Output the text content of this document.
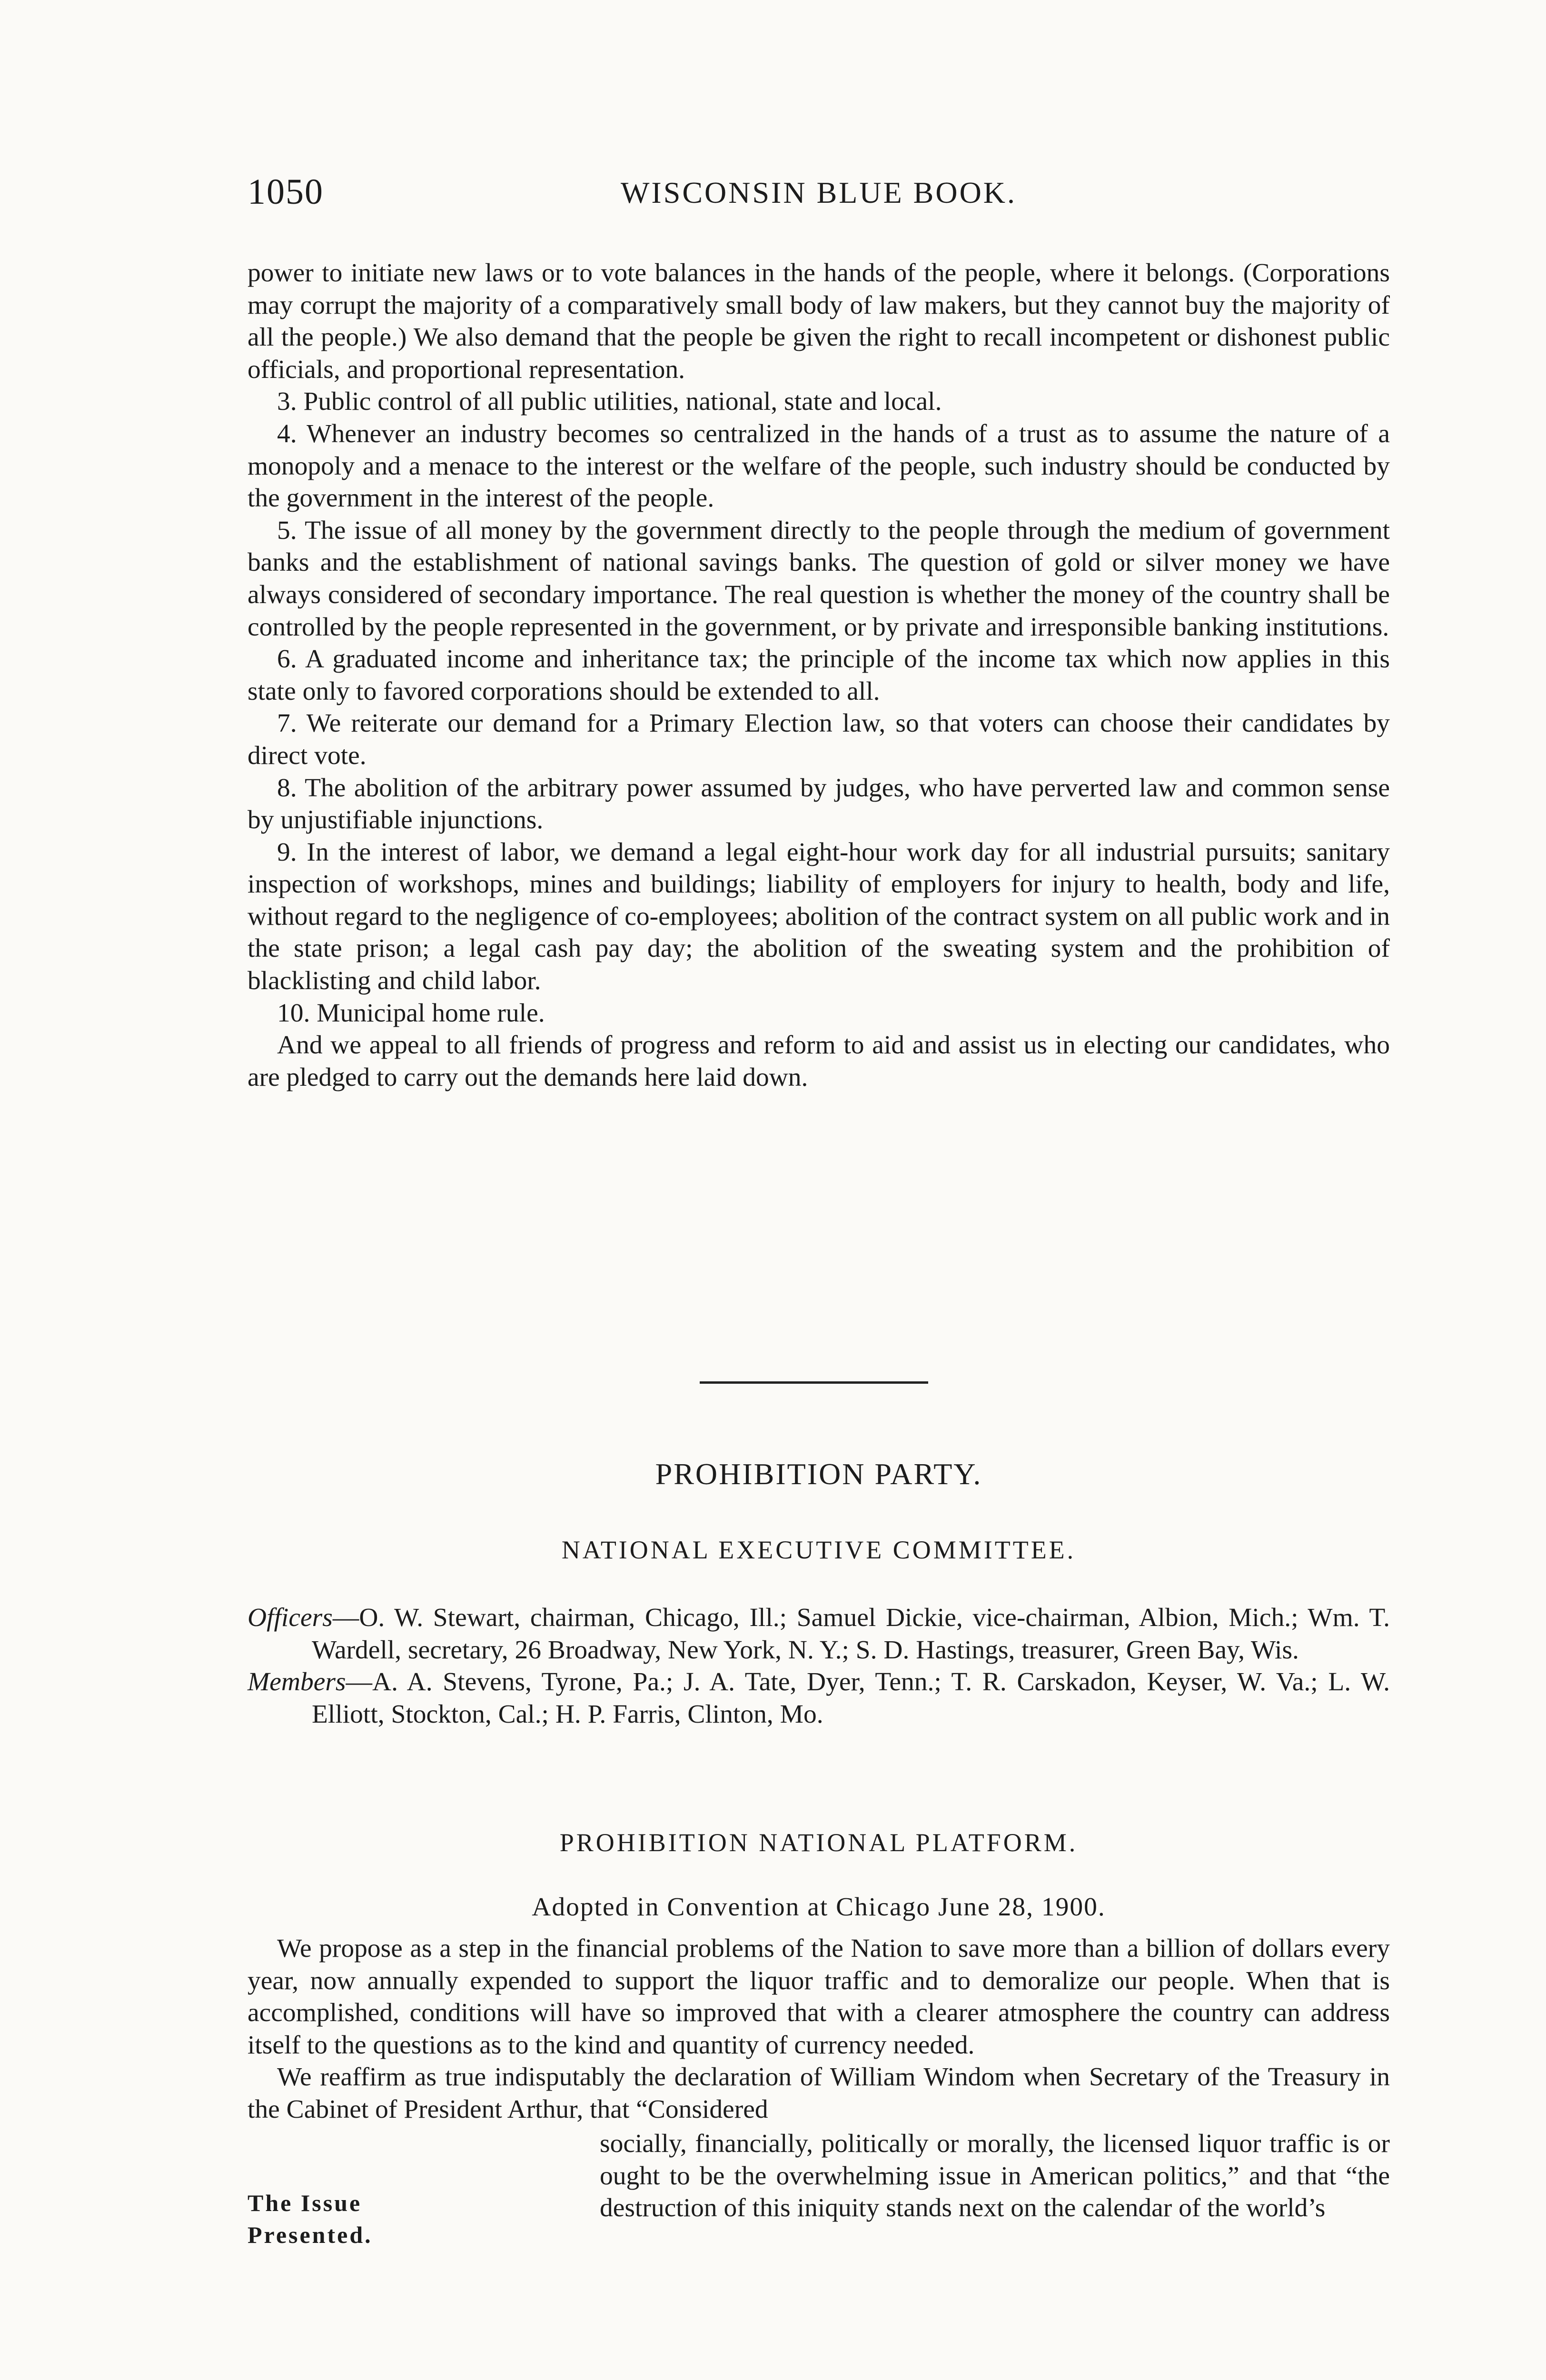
1050	WISCONSIN BLUE BOOK.

power to initiate new laws or to vote balances in the hands of the people, where it belongs. (Corporations may corrupt the majority of a comparatively small body of law makers, but they cannot buy the majority of all the people.) We also demand that the people be given the right to recall incompetent or dishonest public officials, and proportional representation.

3. Public control of all public utilities, national, state and local.

4. Whenever an industry becomes so centralized in the hands of a trust as to assume the nature of a monopoly and a menace to the interest or the welfare of the people, such industry should be conducted by the government in the interest of the people.

5. The issue of all money by the government directly to the people through the medium of government banks and the establishment of national savings banks. The question of gold or silver money we have always considered of secondary importance. The real question is whether the money of the country shall be controlled by the people represented in the government, or by private and irresponsible banking institutions.

6. A graduated income and inheritance tax; the principle of the income tax which now applies in this state only to favored corporations should be extended to all.

7. We reiterate our demand for a Primary Election law, so that voters can choose their candidates by direct vote.

8. The abolition of the arbitrary power assumed by judges, who have perverted law and common sense by unjustifiable injunctions.

9. In the interest of labor, we demand a legal eight-hour work day for all industrial pursuits; sanitary inspection of workshops, mines and buildings; liability of employers for injury to health, body and life, without regard to the negligence of co-employees; abolition of the contract system on all public work and in the state prison; a legal cash pay day; the abolition of the sweating system and the prohibition of blacklisting and child labor.

10. Municipal home rule.

And we appeal to all friends of progress and reform to aid and assist us in electing our candidates, who are pledged to carry out the demands here laid down.

PROHIBITION PARTY.
NATIONAL EXECUTIVE COMMITTEE.

Officers—O. W. Stewart, chairman, Chicago, Ill.; Samuel Dickie, vice-chairman, Albion, Mich.; Wm. T. Wardell, secretary, 26 Broadway, New York, N. Y.; S. D. Hastings, treasurer, Green Bay, Wis.

Members—A. A. Stevens, Tyrone, Pa.; J. A. Tate, Dyer, Tenn.; T. R. Carskadon, Keyser, W. Va.; L. W. Elliott, Stockton, Cal.; H. P. Farris, Clinton, Mo.

PROHIBITION NATIONAL PLATFORM.
Adopted in Convention at Chicago June 28, 1900.

We propose as a step in the financial problems of the Nation to save more than a billion of dollars every year, now annually expended to support the liquor traffic and to demoralize our people. When that is accomplished, conditions will have so improved that with a clearer atmosphere the country can address itself to the questions as to the kind and quantity of currency needed.

We reaffirm as true indisputably the declaration of William Windom when Secretary of the Treasury in the Cabinet of President Arthur, that “Considered

The Issue
Presented.

socially, financially, politically or morally, the licensed liquor traffic is or ought to be the overwhelming issue in American politics,” and that “the destruction of this iniquity stands next on the calendar of the world’s
